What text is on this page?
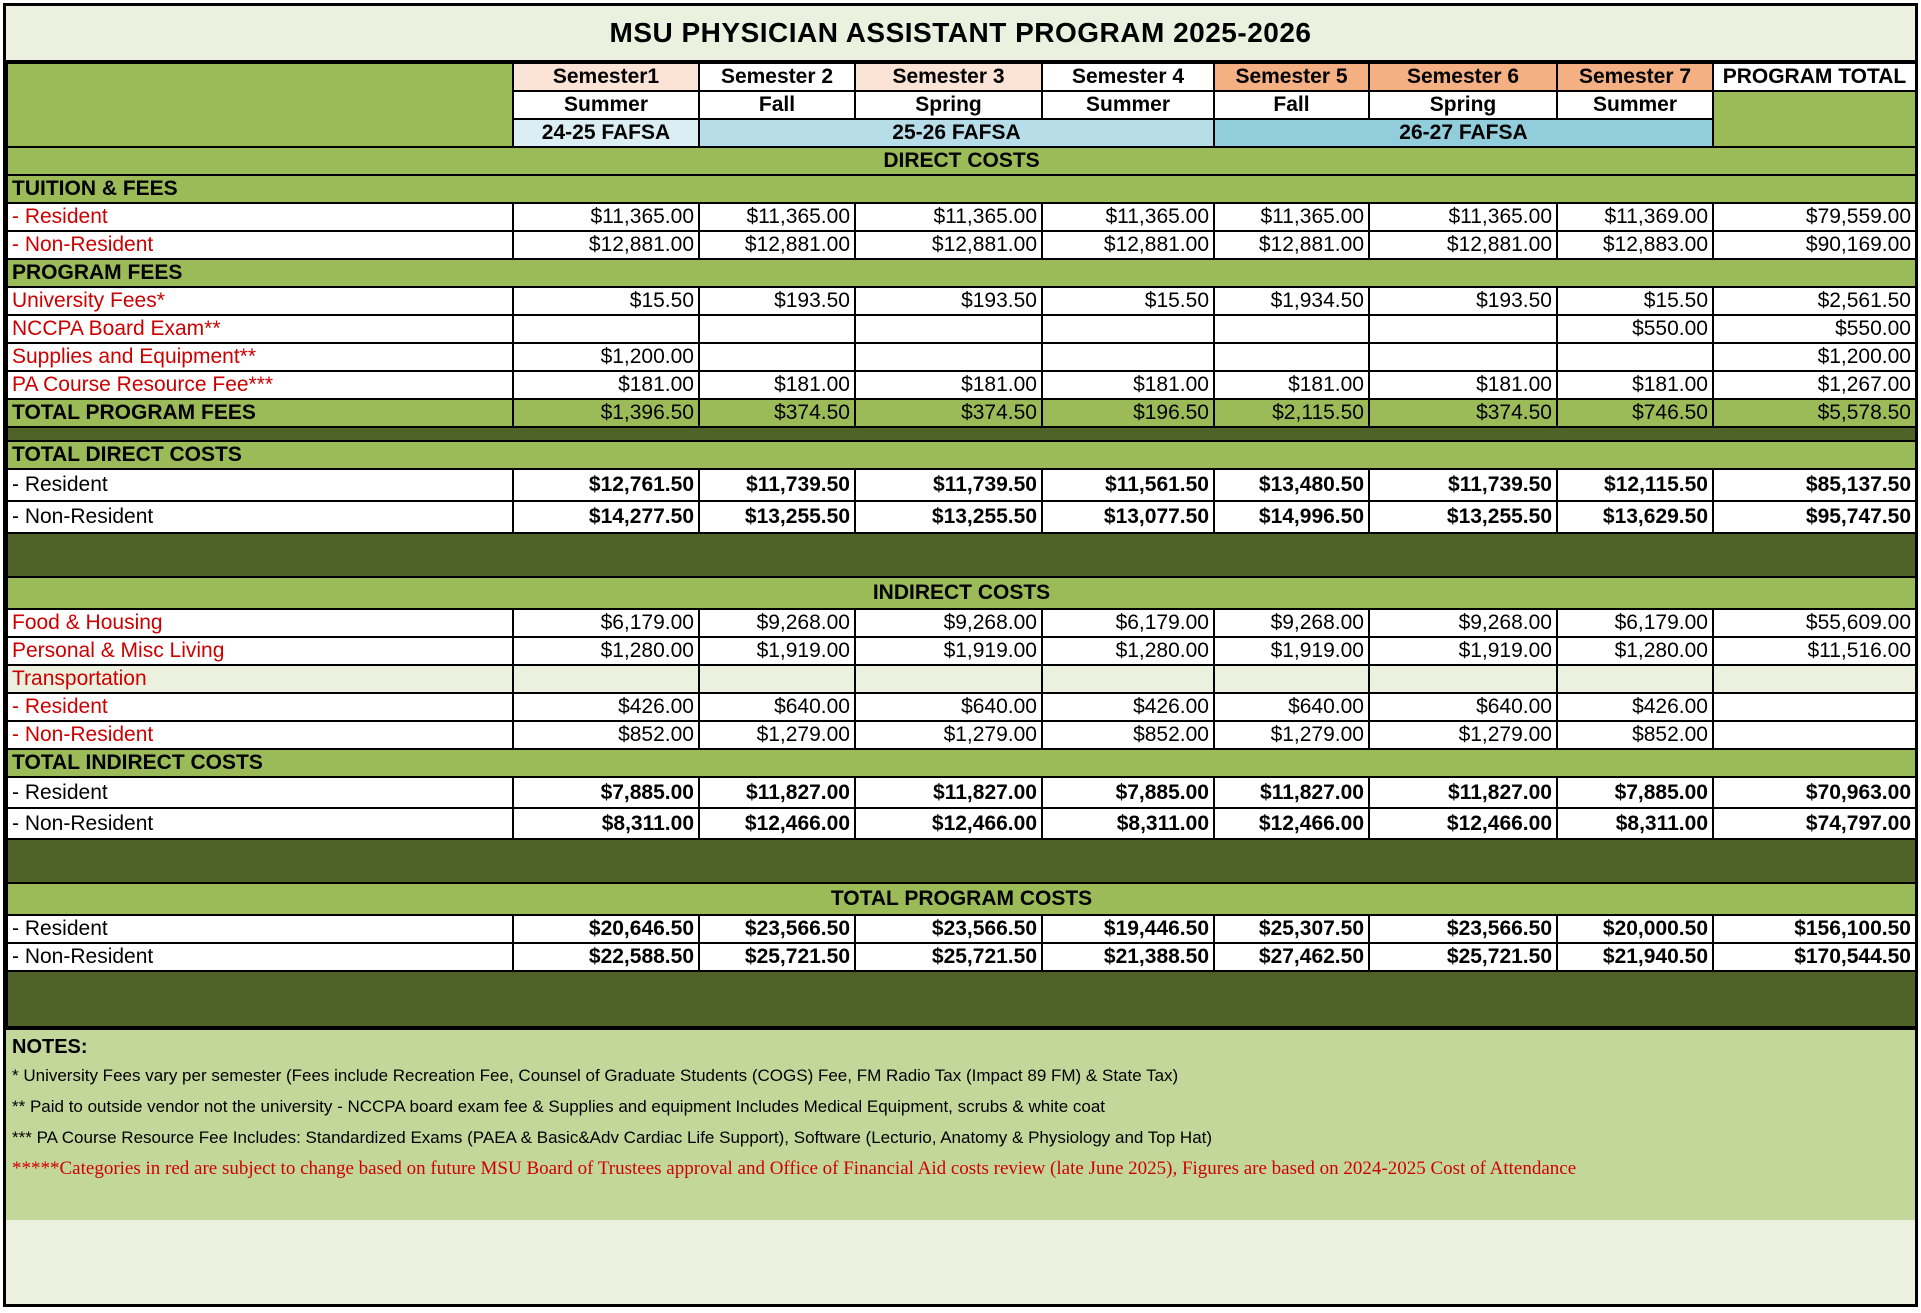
MSU PHYSICIAN ASSISTANT PROGRAM 2025-2026
	Semester1	Semester 2	Semester 3	Semester 4	Semester 5	Semester 6	Semester 7	PROGRAM TOTAL
	Summer	Fall	Spring	Summer	Fall	Spring	Summer	
	24-25 FAFSA	25-26 FAFSA			26-27 FAFSA			
DIRECT COSTS								
TUITION & FEES								
- Resident	$11,365.00	$11,365.00	$11,365.00	$11,365.00	$11,365.00	$11,365.00	$11,369.00	$79,559.00
- Non-Resident	$12,881.00	$12,881.00	$12,881.00	$12,881.00	$12,881.00	$12,881.00	$12,883.00	$90,169.00
PROGRAM FEES								
University Fees*	$15.50	$193.50	$193.50	$15.50	$1,934.50	$193.50	$15.50	$2,561.50
NCCPA Board Exam**							$550.00	$550.00
Supplies and Equipment**	$1,200.00							$1,200.00
PA Course Resource Fee***	$181.00	$181.00	$181.00	$181.00	$181.00	$181.00	$181.00	$1,267.00
TOTAL PROGRAM FEES	$1,396.50	$374.50	$374.50	$196.50	$2,115.50	$374.50	$746.50	$5,578.50

TOTAL DIRECT COSTS								
- Resident	$12,761.50	$11,739.50	$11,739.50	$11,561.50	$13,480.50	$11,739.50	$12,115.50	$85,137.50
- Non-Resident	$14,277.50	$13,255.50	$13,255.50	$13,077.50	$14,996.50	$13,255.50	$13,629.50	$95,747.50

INDIRECT COSTS								
Food & Housing	$6,179.00	$9,268.00	$9,268.00	$6,179.00	$9,268.00	$9,268.00	$6,179.00	$55,609.00
Personal & Misc Living	$1,280.00	$1,919.00	$1,919.00	$1,280.00	$1,919.00	$1,919.00	$1,280.00	$11,516.00
Transportation								
- Resident	$426.00	$640.00	$640.00	$426.00	$640.00	$640.00	$426.00	
- Non-Resident	$852.00	$1,279.00	$1,279.00	$852.00	$1,279.00	$1,279.00	$852.00	
TOTAL INDIRECT COSTS								
- Resident	$7,885.00	$11,827.00	$11,827.00	$7,885.00	$11,827.00	$11,827.00	$7,885.00	$70,963.00
- Non-Resident	$8,311.00	$12,466.00	$12,466.00	$8,311.00	$12,466.00	$12,466.00	$8,311.00	$74,797.00

TOTAL PROGRAM COSTS								
- Resident	$20,646.50	$23,566.50	$23,566.50	$19,446.50	$25,307.50	$23,566.50	$20,000.50	$156,100.50
- Non-Resident	$22,588.50	$25,721.50	$25,721.50	$21,388.50	$27,462.50	$25,721.50	$21,940.50	$170,544.50

NOTES:
* University Fees vary per semester (Fees include Recreation Fee, Counsel of Graduate Students (COGS) Fee, FM Radio Tax (Impact 89 FM) & State Tax)
** Paid to outside vendor not the university - NCCPA board exam fee & Supplies and equipment Includes Medical Equipment, scrubs & white coat
*** PA Course Resource Fee Includes: Standardized Exams (PAEA & Basic&Adv Cardiac Life Support), Software (Lecturio, Anatomy & Physiology and Top Hat)
*****Categories in red are subject to change based on future MSU Board of Trustees approval and Office of Financial Aid costs review (late June 2025), Figures are based on 2024-2025 Cost of Attendance
